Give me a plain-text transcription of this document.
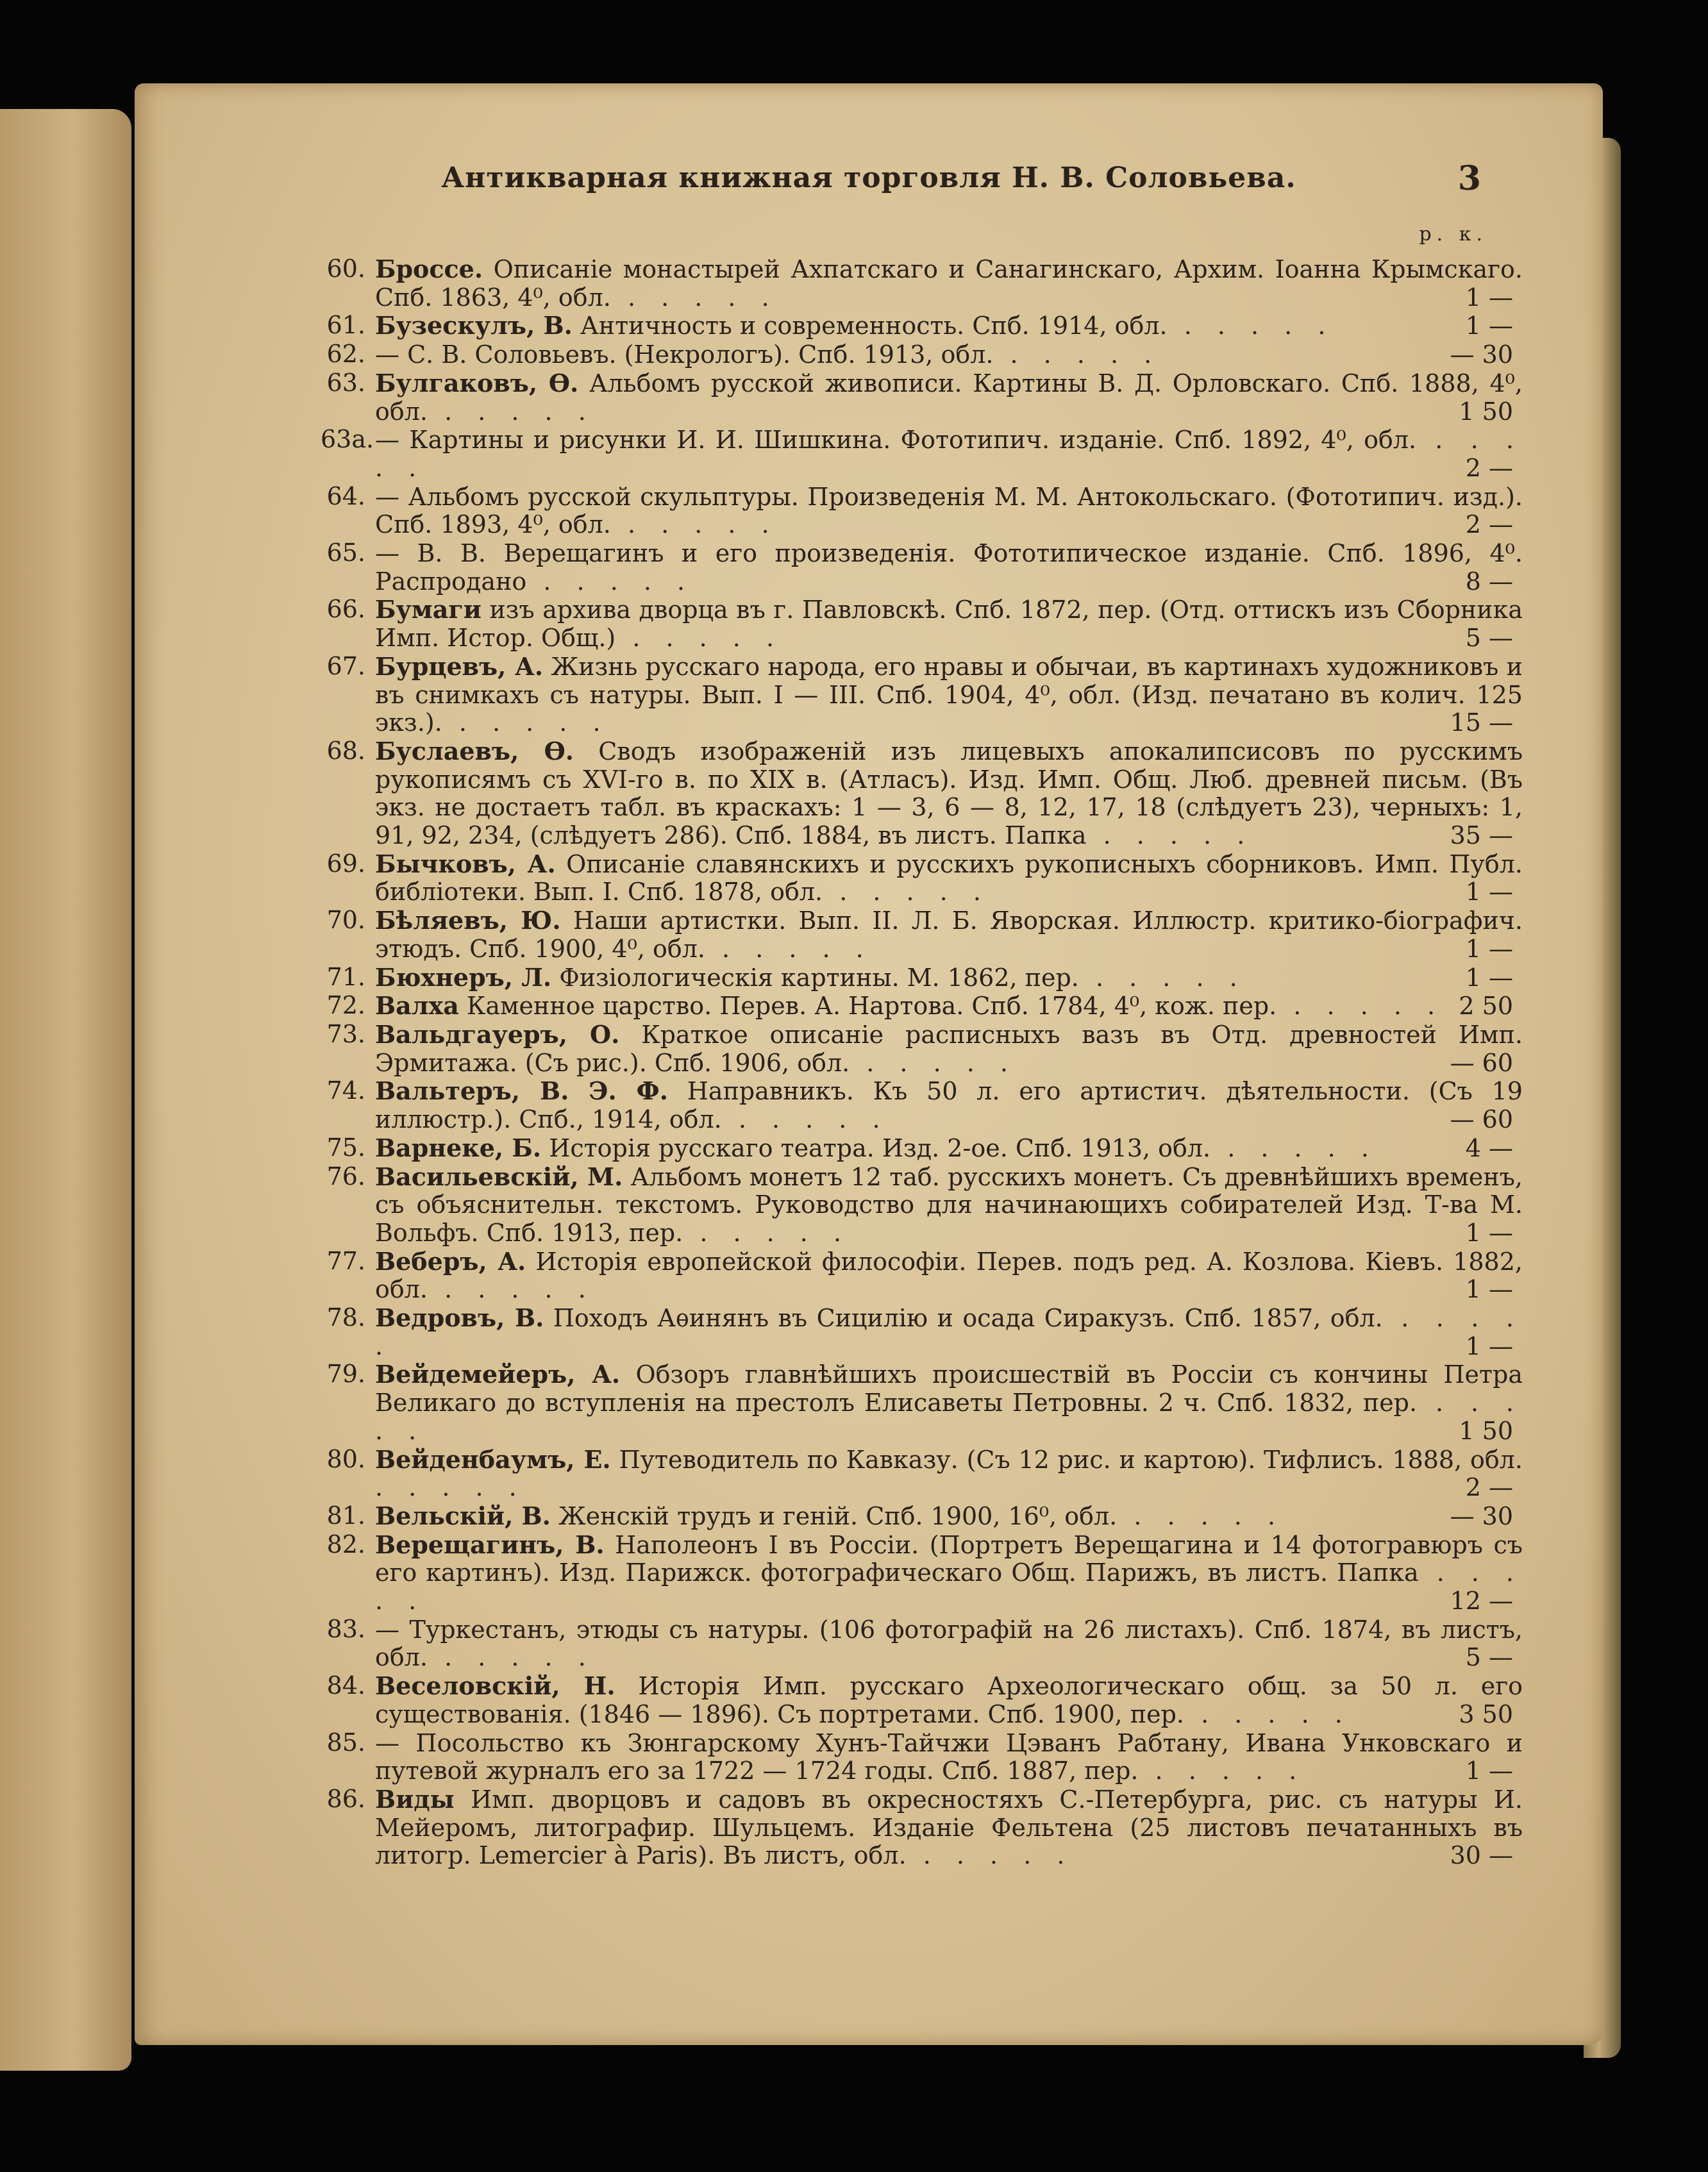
Антикварная книжная торговля Н. В. Соловьева.	3
р. к.
60. Броссе. Описаніе монастырей Ахпатскаго и Санагинскаго, Архим. Іоанна Крымскаго. Спб. 1863, 4⁰, обл. . . . . .	1 —
61. Бузескулъ, В. Античность и современность. Спб. 1914, обл. . . . . .	1 —
62. — С. В. Соловьевъ. (Некрологъ). Спб. 1913, обл. . . . . .	— 30
63. Булгаковъ, Ѳ. Альбомъ русской живописи. Картины В. Д. Орловскаго. Спб. 1888, 4⁰, обл. . . . . .	1 50
63а. — Картины и рисунки И. И. Шишкина. Фототипич. изданіе. Спб. 1892, 4⁰, обл. . . . . .	2 —
64. — Альбомъ русской скульптуры. Произведенія М. М. Антокольскаго. (Фототипич. изд.). Спб. 1893, 4⁰, обл. . . . . .	2 —
65. — В. В. Верещагинъ и его произведенія. Фототипическое изданіе. Спб. 1896, 4⁰. Распродано . . . . .	8 —
66. Бумаги изъ архива дворца въ г. Павловскѣ. Спб. 1872, пер. (Отд. оттискъ изъ Сборника Имп. Истор. Общ.) . . . . .	5 —
67. Бурцевъ, А. Жизнь русскаго народа, его нравы и обычаи, въ картинахъ художниковъ и въ снимкахъ съ натуры. Вып. I — III. Спб. 1904, 4⁰, обл. (Изд. печатано въ колич. 125 экз.). . . . . .	15 —
68. Буслаевъ, Ѳ. Сводъ изображеній изъ лицевыхъ апокалипсисовъ по русскимъ рукописямъ съ XVI-го в. по XIX в. (Атласъ). Изд. Имп. Общ. Люб. древней письм. (Въ экз. не достаетъ табл. въ краскахъ: 1 — 3, 6 — 8, 12, 17, 18 (слѣдуетъ 23), черныхъ: 1, 91, 92, 234, (слѣдуетъ 286). Спб. 1884, въ листъ. Папка . . . . .	35 —
69. Бычковъ, А. Описаніе славянскихъ и русскихъ рукописныхъ сборниковъ. Имп. Публ. библіотеки. Вып. I. Спб. 1878, обл. . . . . .	1 —
70. Бѣляевъ, Ю. Наши артистки. Вып. II. Л. Б. Яворская. Иллюстр. критико-біографич. этюдъ. Спб. 1900, 4⁰, обл. . . . . .	1 —
71. Бюхнеръ, Л. Физіологическія картины. М. 1862, пер. . . . . .	1 —
72. Валха Каменное царство. Перев. А. Нартова. Спб. 1784, 4⁰, кож. пер. . . . . . 2 50
73. Вальдгауеръ, О. Краткое описаніе расписныхъ вазъ въ Отд. древностей Имп. Эрмитажа. (Съ рис.). Спб. 1906, обл. . . . . .	— 60
74. Вальтеръ, В. Э. Ф. Направникъ. Къ 50 л. его артистич. дѣятельности. (Съ 19 иллюстр.). Спб., 1914, обл. . . . . .	— 60
75. Варнеке, Б. Исторія русскаго театра. Изд. 2-ое. Спб. 1913, обл. . . . . .	4 —
76. Васильевскій, М. Альбомъ монетъ 12 таб. русскихъ монетъ. Съ древнѣйшихъ временъ, съ объяснительн. текстомъ. Руководство для начинающихъ собирателей Изд. Т-ва М. Вольфъ. Спб. 1913, пер. . . . . .	1 —
77. Веберъ, А. Исторія европейской философіи. Перев. подъ ред. А. Козлова. Кіевъ. 1882, обл. . . . . .	1 —
78. Ведровъ, В. Походъ Аѳинянъ въ Сицилію и осада Сиракузъ. Спб. 1857, обл. . . . . .	1 —
79. Вейдемейеръ, А. Обзоръ главнѣйшихъ происшествій въ Россіи съ кончины Петра Великаго до вступленія на престолъ Елисаветы Петровны. 2 ч. Спб. 1832, пер. . . . . .	1 50
80. Вейденбаумъ, Е. Путеводитель по Кавказу. (Съ 12 рис. и картою). Тифлисъ. 1888, обл. . . . . .	2 —
81. Вельскій, В. Женскій трудъ и геній. Спб. 1900, 16⁰, обл. . . . . .	— 30
82. Верещагинъ, В. Наполеонъ I въ Россіи. (Портретъ Верещагина и 14 фотогравюръ съ его картинъ). Изд. Парижск. фотографическаго Общ. Парижъ, въ листъ. Папка . . . . .	12 —
83. — Туркестанъ, этюды съ натуры. (106 фотографій на 26 листахъ). Спб. 1874, въ листъ, обл. . . . . .	5 —
84. Веселовскій, Н. Исторія Имп. русскаго Археологическаго общ. за 50 л. его существованія. (1846 — 1896). Съ портретами. Спб. 1900, пер. . . . . .	3 50
85. — Посольство къ Зюнгарскому Хунъ-Тайчжи Цэванъ Рабтану, Ивана Унковскаго и путевой журналъ его за 1722 — 1724 годы. Спб. 1887, пер. . . . . .	1 —
86. Виды Имп. дворцовъ и садовъ въ окресностяхъ С.-Петербурга, рис. съ натуры И. Мейеромъ, литографир. Шульцемъ. Изданіе Фельтена (25 листовъ печатанныхъ въ литогр. Lemercier à Paris). Въ листъ, обл. . . . . .	30 —
